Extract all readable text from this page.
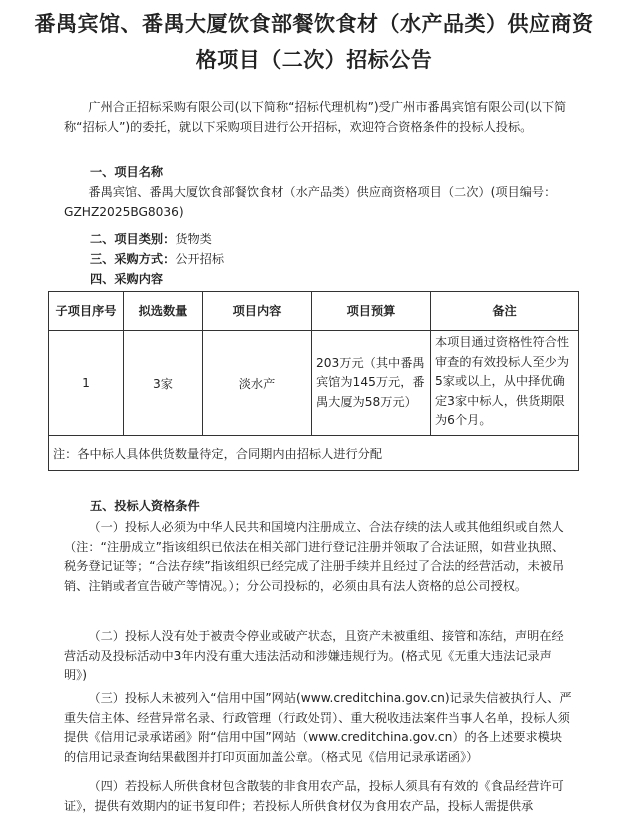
番禺宾馆、番禺大厦饮食部餐饮食材（水产品类）供应商资
格项目（二次）招标公告
广州合正招标采购有限公司(以下简称“招标代理机构”)受广州市番禺宾馆有限公司(以下简称“招标人”)的委托，就以下采购项目进行公开招标，欢迎符合资格条件的投标人投标。
一、项目名称
番禺宾馆、番禺大厦饮食部餐饮食材（水产品类）供应商资格项目（二次）(项目编号：GZHZ2025BG8036)
二、项目类别：货物类
三、采购方式：公开招标
四、采购内容
子项目序号	拟选数量	项目内容	项目预算	备注
1	3家	淡水产	203万元（其中番禺宾馆为145万元，番禺大厦为58万元）	本项目通过资格性符合性审查的有效投标人至少为5家或以上，从中择优确定3家中标人，供货期限为6个月。
注：各中标人具体供货数量待定，合同期内由招标人进行分配				
五、投标人资格条件
（一）投标人必须为中华人民共和国境内注册成立、合法存续的法人或其他组织或自然人（注：“注册成立”指该组织已依法在相关部门进行登记注册并领取了合法证照，如营业执照、税务登记证等；“合法存续”指该组织已经完成了注册手续并且经过了合法的经营活动，未被吊销、注销或者宣告破产等情况。）；分公司投标的，必须由具有法人资格的总公司授权。
（二）投标人没有处于被责令停业或破产状态，且资产未被重组、接管和冻结，声明在经营活动及投标活动中3年内没有重大违法活动和涉嫌违规行为。(格式见《无重大违法记录声明》)
（三）投标人未被列入“信用中国”网站(www.creditchina.gov.cn)记录失信被执行人、严重失信主体、经营异常名录、行政管理（行政处罚）、重大税收违法案件当事人名单，投标人须提供《信用记录承诺函》附“信用中国”网站（www.creditchina.gov.cn）的各上述要求模块的信用记录查询结果截图并打印页面加盖公章。（格式见《信用记录承诺函》）
（四）若投标人所供食材包含散装的非食用农产品，投标人须具有有效的《食品经营许可证》，提供有效期内的证书复印件；若投标人所供食材仅为食用农产品，投标人需提供承
